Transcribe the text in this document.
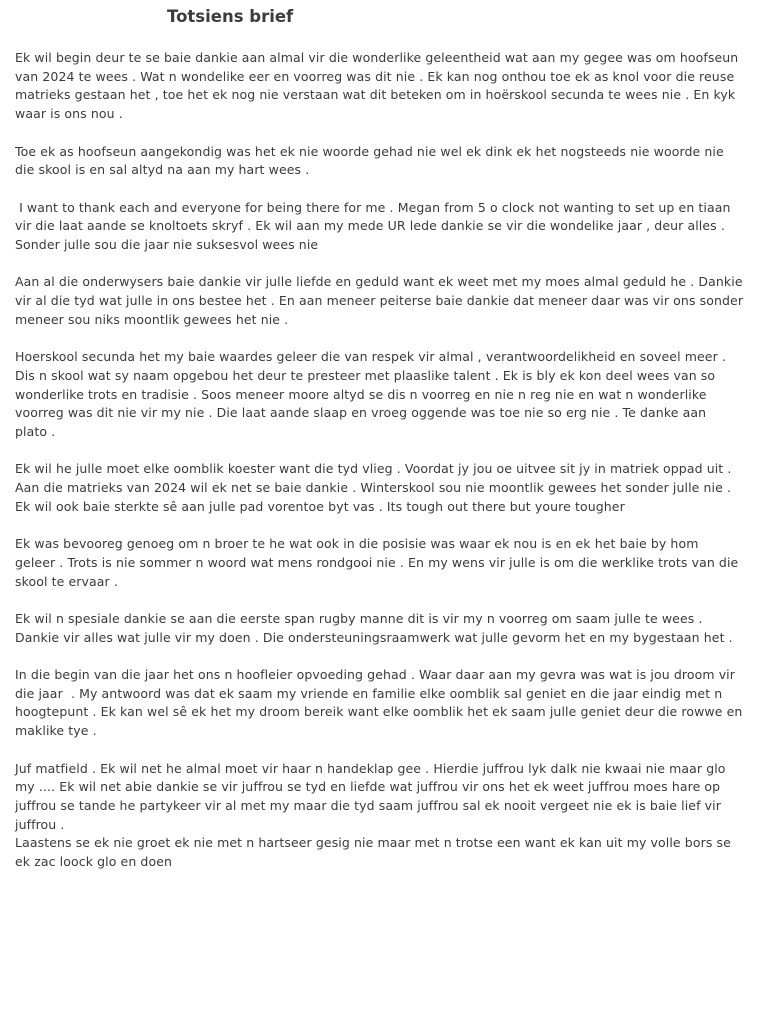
Totsiens brief

Ek wil begin deur te se baie dankie aan almal vir die wonderlike geleentheid wat aan my gegee was om hoofseun
van 2024 te wees . Wat n wondelike eer en voorreg was dit nie . Ek kan nog onthou toe ek as knol voor die reuse
matrieks gestaan het , toe het ek nog nie verstaan wat dit beteken om in hoërskool secunda te wees nie . En kyk
waar is ons nou .

Toe ek as hoofseun aangekondig was het ek nie woorde gehad nie wel ek dink ek het nogsteeds nie woorde nie
die skool is en sal altyd na aan my hart wees .

I want to thank each and everyone for being there for me . Megan from 5 o clock not wanting to set up en tiaan
vir die laat aande se knoltoets skryf . Ek wil aan my mede UR lede dankie se vir die wondelike jaar , deur alles .
Sonder julle sou die jaar nie suksesvol wees nie

Aan al die onderwysers baie dankie vir julle liefde en geduld want ek weet met my moes almal geduld he . Dankie
vir al die tyd wat julle in ons bestee het . En aan meneer peiterse baie dankie dat meneer daar was vir ons sonder
meneer sou niks moontlik gewees het nie .

Hoerskool secunda het my baie waardes geleer die van respek vir almal , verantwoordelikheid en soveel meer .
Dis n skool wat sy naam opgebou het deur te presteer met plaaslike talent . Ek is bly ek kon deel wees van so
wonderlike trots en tradisie . Soos meneer moore altyd se dis n voorreg en nie n reg nie en wat n wonderlike
voorreg was dit nie vir my nie . Die laat aande slaap en vroeg oggende was toe nie so erg nie . Te danke aan
plato .

Ek wil he julle moet elke oomblik koester want die tyd vlieg . Voordat jy jou oe uitvee sit jy in matriek oppad uit .
Aan die matrieks van 2024 wil ek net se baie dankie . Winterskool sou nie moontlik gewees het sonder julle nie .
Ek wil ook baie sterkte sê aan julle pad vorentoe byt vas . Its tough out there but youre tougher

Ek was bevooreg genoeg om n broer te he wat ook in die posisie was waar ek nou is en ek het baie by hom
geleer . Trots is nie sommer n woord wat mens rondgooi nie . En my wens vir julle is om die werklike trots van die
skool te ervaar .

Ek wil n spesiale dankie se aan die eerste span rugby manne dit is vir my n voorreg om saam julle te wees .
Dankie vir alles wat julle vir my doen . Die ondersteuningsraamwerk wat julle gevorm het en my bygestaan het .

In die begin van die jaar het ons n hoofleier opvoeding gehad . Waar daar aan my gevra was wat is jou droom vir
die jaar  . My antwoord was dat ek saam my vriende en familie elke oomblik sal geniet en die jaar eindig met n
hoogtepunt . Ek kan wel sê ek het my droom bereik want elke oomblik het ek saam julle geniet deur die rowwe en
maklike tye .

Juf matfield . Ek wil net he almal moet vir haar n handeklap gee . Hierdie juffrou lyk dalk nie kwaai nie maar glo
my .... Ek wil net abie dankie se vir juffrou se tyd en liefde wat juffrou vir ons het ek weet juffrou moes hare op
juffrou se tande he partykeer vir al met my maar die tyd saam juffrou sal ek nooit vergeet nie ek is baie lief vir
juffrou .
Laastens se ek nie groet ek nie met n hartseer gesig nie maar met n trotse een want ek kan uit my volle bors se
ek zac loock glo en doen
